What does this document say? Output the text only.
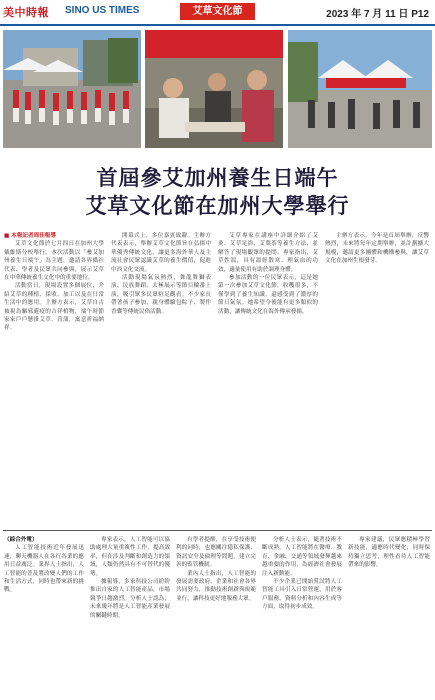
美中時報 SINO US TIMES	艾草文化節	2023 年 7 月 11 日 P12
首屆參艾加州養生日端午
艾草文化節在加州大學舉行

■ 本報記者周佳報導

艾草文化節於七月四日在加州大學戴維斯分校舉行。本次活動以「參艾加州養生日端午」為主題，邀請各界僑社代表、學者及民眾共同參與，展示艾草在中華傳統養生文化中的重要地位。

活動當日，現場設置多個展位，介紹艾草的種植、採收、加工以及在日常生活中的應用。主辦方表示，艾草自古被視為驅邪避疫的吉祥植物，端午時節家家戶戶懸掛艾草、菖蒲，寓意祈福納祥。

開幕式上，多位嘉賓致辭。主辦方代表表示，舉辦艾草文化節旨在弘揚中華優秀傳統文化，讓更多海外華人及主流社會民眾認識艾草的養生價值，促進中西文化交流。

活動現場氣氛熱烈，舞龍舞獅表演、民族舞蹈、太極展示等節目輪番上演，吸引眾多民眾駐足觀看。不少家長帶著孩子參加，親身體驗包粽子、製作香囊等傳統民俗活動。

艾草專家在講座中詳細介紹了艾灸、艾草足浴、艾葉茶等養生方法，並解答了現場觀眾的提問。專家指出，艾草性溫，具有溫經散寒、理氣血的功效，適量使用有助於調理身體。

參加活動的一位民眾表示，這是她第一次參加艾草文化節，收穫很多，不僅學到了養生知識，還感受到了濃厚的節日氣氛。她希望今後能有更多類似的活動，讓傳統文化在海外傳承發揚。

主辦方表示，今年是首屆舉辦，反響熱烈，未來將每年定期舉辦，並計劃擴大規模，邀請更多團體和機構參與，讓艾草文化在加州生根發芽。

（綜合外電）

人工智能技術近年發展迅速，聊天機器人在各行各業的應用日益廣泛。業界人士指出，人工智能的普及將改變人們的工作和生活方式，同時也帶來新的挑戰。

專家表示，人工智能可以協助處理大量重複性工作，提高效率，但在涉及判斷和創造力的領域，人類仍然具有不可替代的優勢。

據報導，多家科技公司紛紛推出自家的人工智能產品，市場競爭日趨激烈。分析人士認為，未來幾年將是人工智能產業發展的關鍵時期。

有學者提醒，在享受技術便利的同時，也應關注隱私保護、資訊安全及倫理等問題，建立完善的監管機制。

業內人士指出，人工智能的發展需要政府、企業和社會各界共同努力，推動技術創新與規範並行，讓科技更好地服務大眾。

分析人士表示，隨著技術不斷成熟，人工智能將在醫療、教育、金融、交通等領域發揮越來越重要的作用，為經濟社會發展注入新動能。

不少企業已開始嘗試將人工智能工具引入日常營運，用於客戶服務、資料分析和內容生成等方面，取得初步成效。

專家建議，民眾應積極學習新技能，適應時代變化，同時保持獨立思考，理性看待人工智能帶來的影響。
